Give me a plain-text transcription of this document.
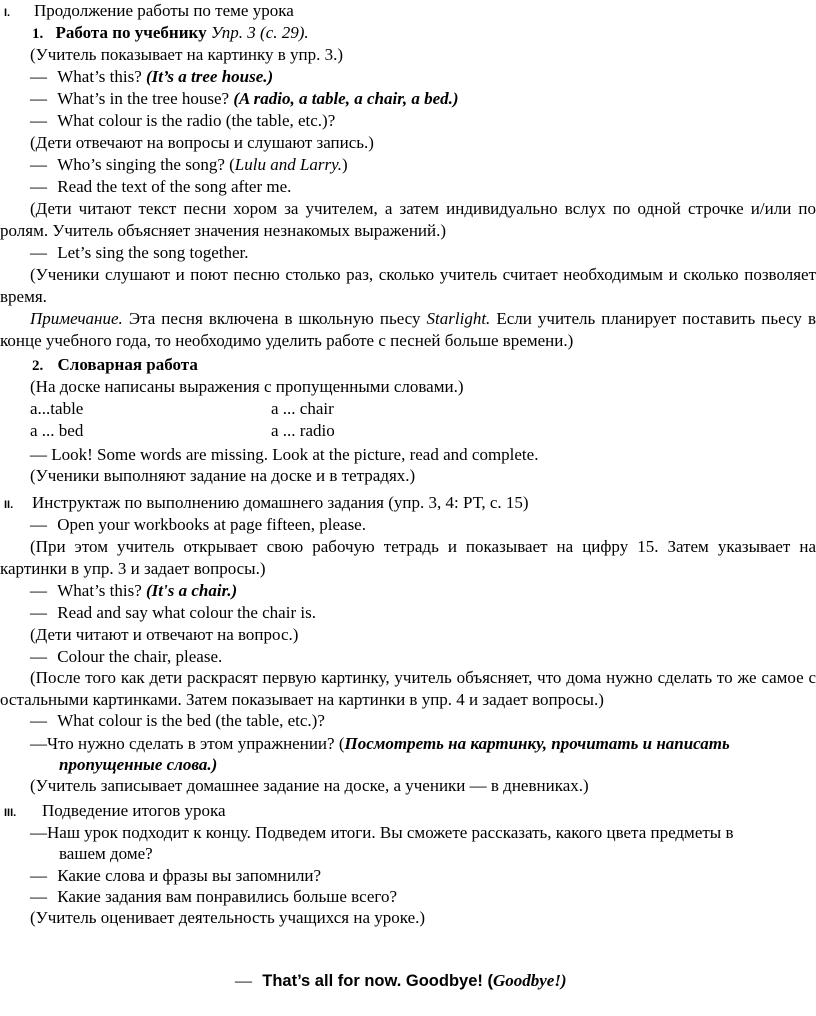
I. Продолжение работы по теме урока
1. Работа по учебнику Упр. 3 (с. 29).
(Учитель показывает на картинку в упр. 3.)
— What’s this? (It’s a tree house.)
— What’s in the tree house? (A radio, a table, a chair, a bed.)
— What colour is the radio (the table, etc.)?
(Дети отвечают на вопросы и слушают запись.)
— Who’s singing the song? (Lulu and Larry.)
— Read the text of the song after me.
(Дети читают текст песни хором за учителем, а затем индивидуально вслух по одной строчке и/или по ролям. Учитель объясняет значения незнакомых выражений.)
— Let’s sing the song together.
(Ученики слушают и поют песню столько раз, сколько учитель считает необходимым и сколько позволяет время.
Примечание. Эта песня включена в школьную пьесу Starlight. Если учитель планирует поставить пьесу в конце учебного года, то необходимо уделить работе с песней больше времени.)
2. Словарная работа
(На доске написаны выражения с пропущенными словами.)
a...table	a ... chair
a ... bed	a ... radio
— Look! Some words are missing. Look at the picture, read and complete.
(Ученики выполняют задание на доске и в тетрадях.)
II. Инструктаж по выполнению домашнего задания (упр. 3, 4: РТ, с. 15)
— Open your workbooks at page fifteen, please.
(При этом учитель открывает свою рабочую тетрадь и показывает на цифру 15. Затем указывает на картинки в упр. 3 и задает вопросы.)
— What’s this? (It's a chair.)
— Read and say what colour the chair is.
(Дети читают и отвечают на вопрос.)
— Colour the chair, please.
(После того как дети раскрасят первую картинку, учитель объясняет, что дома нужно сделать то же самое с остальными картинками. Затем показывает на картинки в упр. 4 и задает вопросы.)
— What colour is the bed (the table, etc.)?
—Что нужно сделать в этом упражнении? (Посмотреть на картинку, прочитать и написать
пропущенные слова.)
(Учитель записывает домашнее задание на доске, а ученики — в дневниках.)
III. Подведение итогов урока
—Наш урок подходит к концу. Подведем итоги. Вы сможете рассказать, какого цвета предметы в
вашем доме?
— Какие слова и фразы вы запомнили?
— Какие задания вам понравились больше всего?
(Учитель оценивает деятельность учащихся на уроке.)
— That’s all for now. Goodbye! (Goodbye!)
